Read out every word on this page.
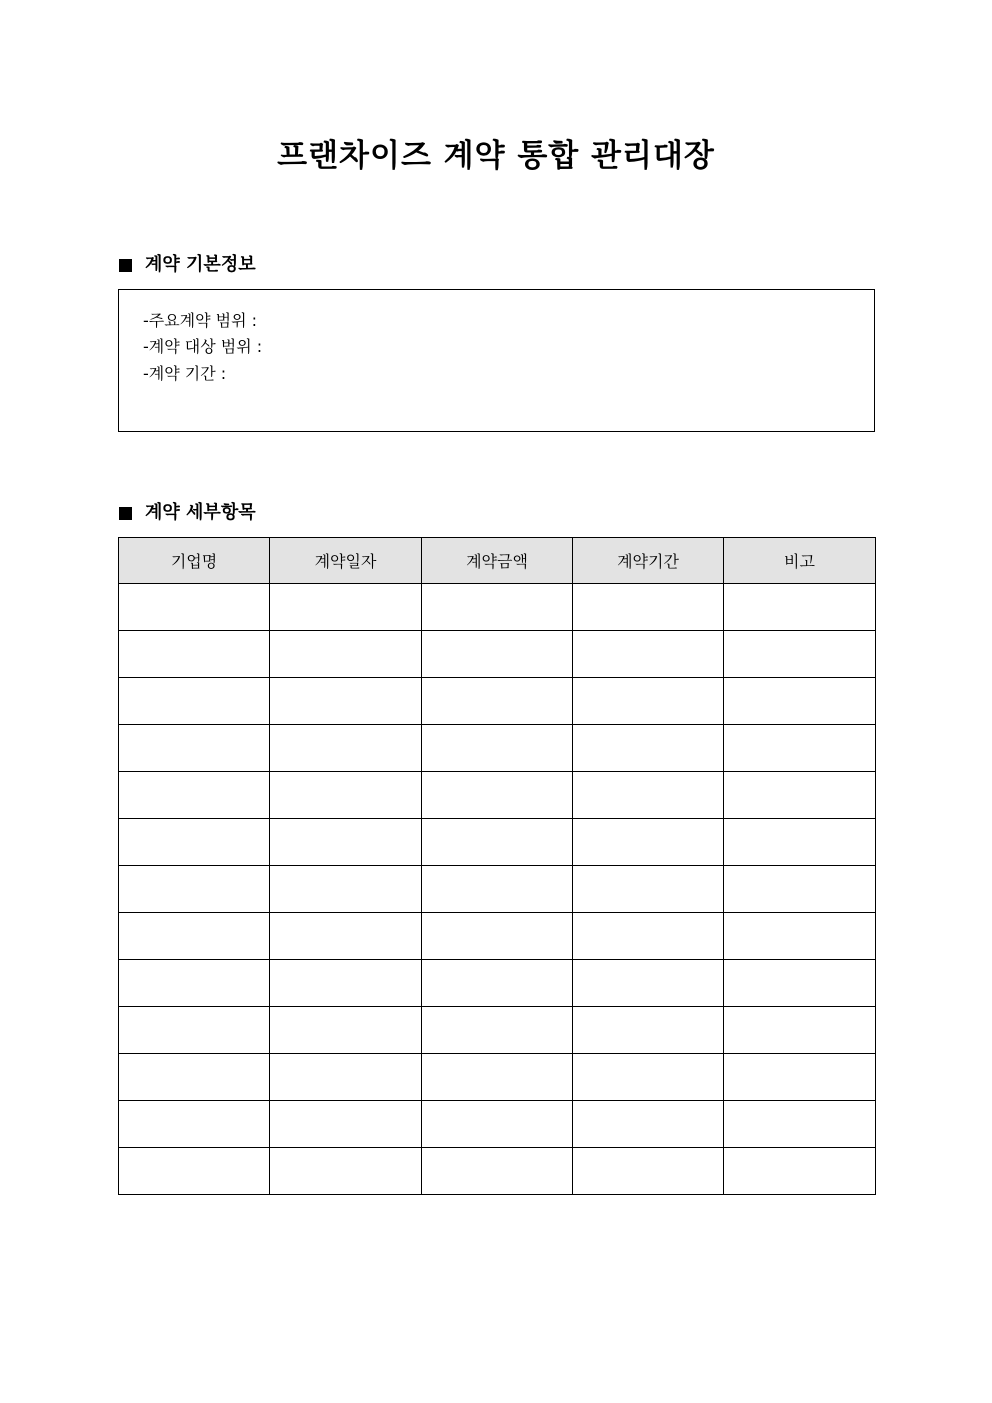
프랜차이즈 계약 통합 관리대장
계약 기본정보
-주요계약 범위 :
-계약 대상 범위 :
-계약 기간 :
계약 세부항목
기업명	계약일자	계약금액	계약기간	비고
